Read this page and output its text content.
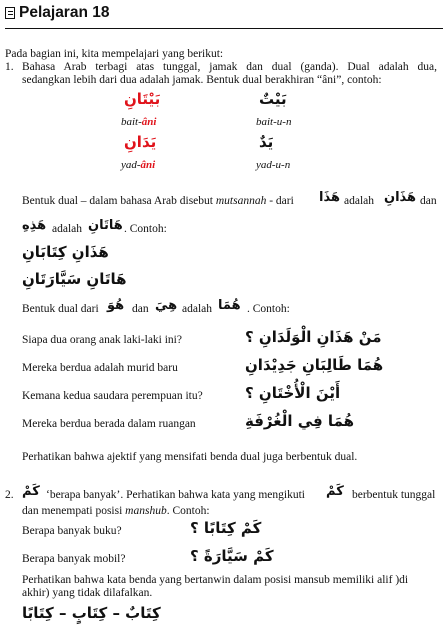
Pelajaran 18
Pada bagian ini, kita mempelajari yang berikut:
1. Bahasa Arab terbagi atas tunggal, jamak dan dual (ganda). Dual adalah dua,
sedangkan lebih dari dua adalah jamak. Bentuk dual berakhiran “âni”, contoh:
بَيْتَانِ	بَيْتٌ
bait-âni	bait-u-n
يَدَانِ	يَدٌ
yad-âni	yad-u-n
Bentuk dual – dalam bahasa Arab disebut mutsannah - dari هَذَا adalah هَذَانِ dan
هَذِهِ adalah هَاتَانِ . Contoh:
هَذَانِ كِتَابَانِ
هَاتَانِ سَيَّارَتَانِ
Bentuk dual dari هُوَ dan هِيَ adalah هُمَا . Contoh:
Siapa dua orang anak laki-laki ini?	مَنْ هَذَانِ الْوَلَدَانِ ؟
Mereka berdua adalah murid baru	هُمَا طَالِبَانِ جَدِيْدَانِ
Kemana kedua saudara perempuan itu?	أَيْنَ الْأُخْتَانِ ؟
Mereka berdua berada dalam ruangan	هُمَا فِي الْغُرْفَةِ
Perhatikan bahwa ajektif yang mensifati benda dual juga berbentuk dual.
2. كَمْ ‘berapa banyak’. Perhatikan bahwa kata yang mengikuti كَمْ berbentuk tunggal
dan menempati posisi manshub. Contoh:
Berapa banyak buku?	كَمْ كِتَابًا ؟
Berapa banyak mobil?	كَمْ سَيَّارَةً ؟
Perhatikan bahwa kata benda yang bertanwin dalam posisi mansub memiliki alif )di
akhir) yang tidak dilafalkan.
كِتَابٌ – كِتَابٍ – كِتَابًا
